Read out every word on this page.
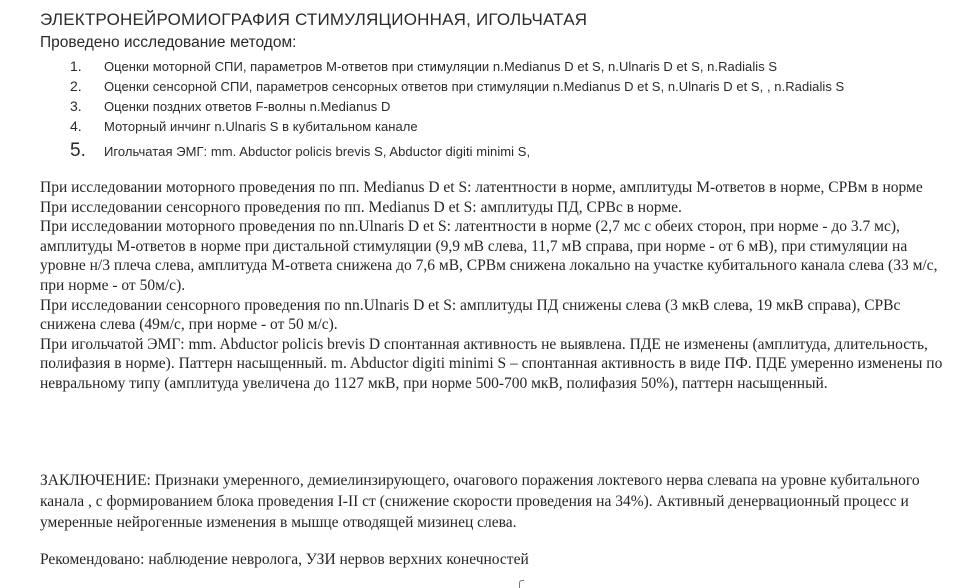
ЭЛЕКТРОНЕЙРОМИОГРАФИЯ СТИМУЛЯЦИОННАЯ, ИГОЛЬЧАТАЯ
Проведено исследование методом:
1. Оценки моторной СПИ, параметров М-ответов при стимуляции n.Medianus D et S, n.Ulnaris D et S, n.Radialis S
2. Оценки сенсорной СПИ, параметров сенсорных ответов при стимуляции n.Medianus D et S, n.Ulnaris D et S, , n.Radialis S
3. Оценки поздних ответов F-волны n.Medianus D
4. Моторный инчинг n.Ulnaris S в кубитальном канале
5. Игольчатая ЭМГ: mm. Abductor policis brevis S, Abductor digiti minimi S,

При исследовании моторного проведения по пп. Medianus D et S: латентности в норме, амплитуды М-ответов в норме, СРВм в норме

При исследовании сенсорного проведения по пп. Medianus D et S: амплитуды ПД, СРВс в норме.

При исследовании моторного проведения по nn.Ulnaris D et S: латентности в норме (2,7 мс с обеих сторон, при норме - до 3.7 мс), амплитуды М-ответов в норме при дистальной стимуляции (9,9 мВ слева, 11,7 мВ справа, при норме - от 6 мВ), при стимуляции на уровне н/3 плеча слева, амплитуда М-ответа снижена до 7,6 мВ, СРВм снижена локально на участке кубитального канала слева (33 м/с, при норме - от 50м/с).

При исследовании сенсорного проведения по nn.Ulnaris D et S: амплитуды ПД снижены слева (3 мкВ слева, 19 мкВ справа), СРВс снижена слева (49м/с, при норме - от 50 м/с).

При игольчатой ЭМГ: mm. Abductor policis brevis D спонтанная активность не выявлена. ПДЕ не изменены (амплитуда, длительность, полифазия в норме). Паттерн насыщенный. m. Abductor digiti minimi S – спонтанная активность в виде ПФ. ПДЕ умеренно изменены по невральному типу (амплитуда увеличена до 1127 мкВ, при норме 500-700 мкВ, полифазия 50%), паттерн насыщенный.

ЗАКЛЮЧЕНИЕ: Признаки умеренного, демиелинзирующего, очагового поражения локтевого нерва слевапа на уровне кубитального канала , с формированием блока проведения I-II ст (снижение скорости проведения на 34%). Активный денервационный процесс и умеренные нейрогенные изменения в мышце отводящей мизинец слева.
Рекомендовано: наблюдение невролога, УЗИ нервов верхних конечностей
